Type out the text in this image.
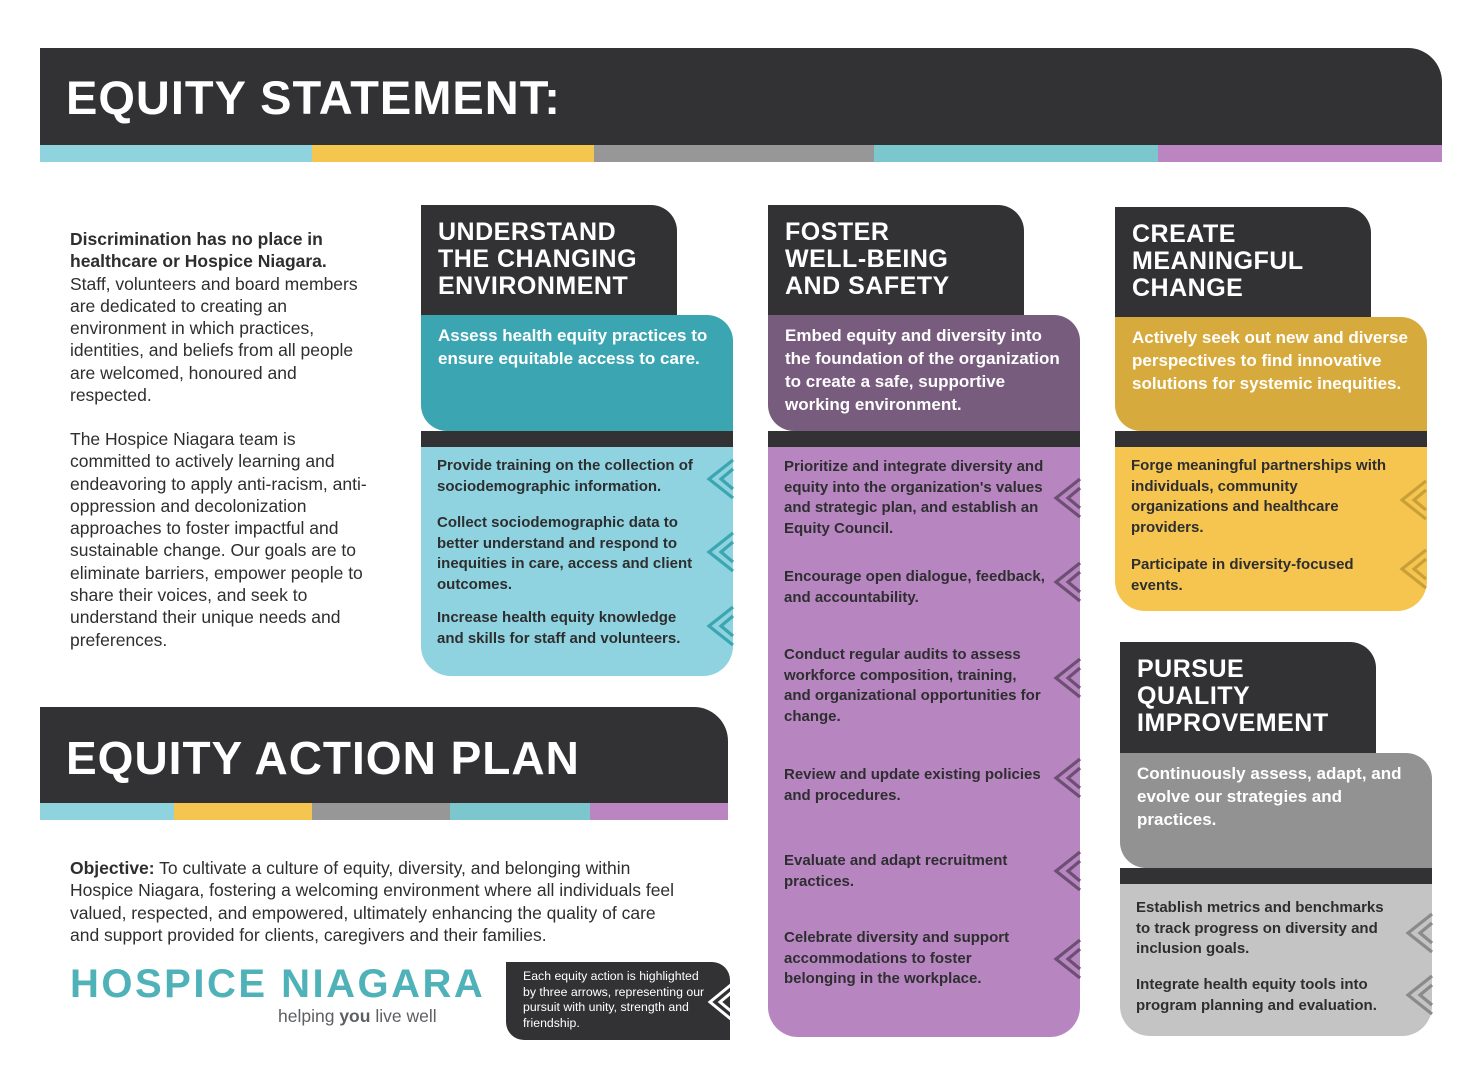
EQUITY STATEMENT:
Discrimination has no place in healthcare or Hospice Niagara. Staff, volunteers and board members are dedicated to creating an environment in which practices, identities, and beliefs from all people are welcomed, honoured and respected.
The Hospice Niagara team is committed to actively learning and endeavoring to apply anti-racism, anti-oppression and decolonization approaches to foster impactful and sustainable change. Our goals are to eliminate barriers, empower people to share their voices, and seek to understand their unique needs and preferences.
EQUITY ACTION PLAN
Objective: To cultivate a culture of equity, diversity, and belonging within Hospice Niagara, fostering a welcoming environment where all individuals feel valued, respected, and empowered, ultimately enhancing the quality of care and support provided for clients, caregivers and their families.
HOSPICE NIAGARA
helping you live well
Each equity action is highlighted by three arrows, representing our pursuit with unity, strength and friendship.
UNDERSTAND
THE CHANGING
ENVIRONMENT
Assess health equity practices to ensure equitable access to care.
Provide training on the collection of sociodemographic information.
Collect sociodemographic data to better understand and respond to inequities in care, access and client outcomes.
Increase health equity knowledge and skills for staff and volunteers.
FOSTER
WELL-BEING
AND SAFETY
Embed equity and diversity into the foundation of the organization to create a safe, supportive working environment.
Prioritize and integrate diversity and equity into the organization's values and strategic plan, and establish an Equity Council.
Encourage open dialogue, feedback, and accountability.
Conduct regular audits to assess workforce composition, training, and organizational opportunities for change.
Review and update existing policies and procedures.
Evaluate and adapt recruitment practices.
Celebrate diversity and support accommodations to foster belonging in the workplace.
CREATE
MEANINGFUL
CHANGE
Actively seek out new and diverse perspectives to find innovative solutions for systemic inequities.
Forge meaningful partnerships with individuals, community organizations and healthcare providers.
Participate in diversity-focused events.
PURSUE
QUALITY
IMPROVEMENT
Continuously assess, adapt, and evolve our strategies and practices.
Establish metrics and benchmarks to track progress on diversity and inclusion goals.
Integrate health equity tools into program planning and evaluation.
